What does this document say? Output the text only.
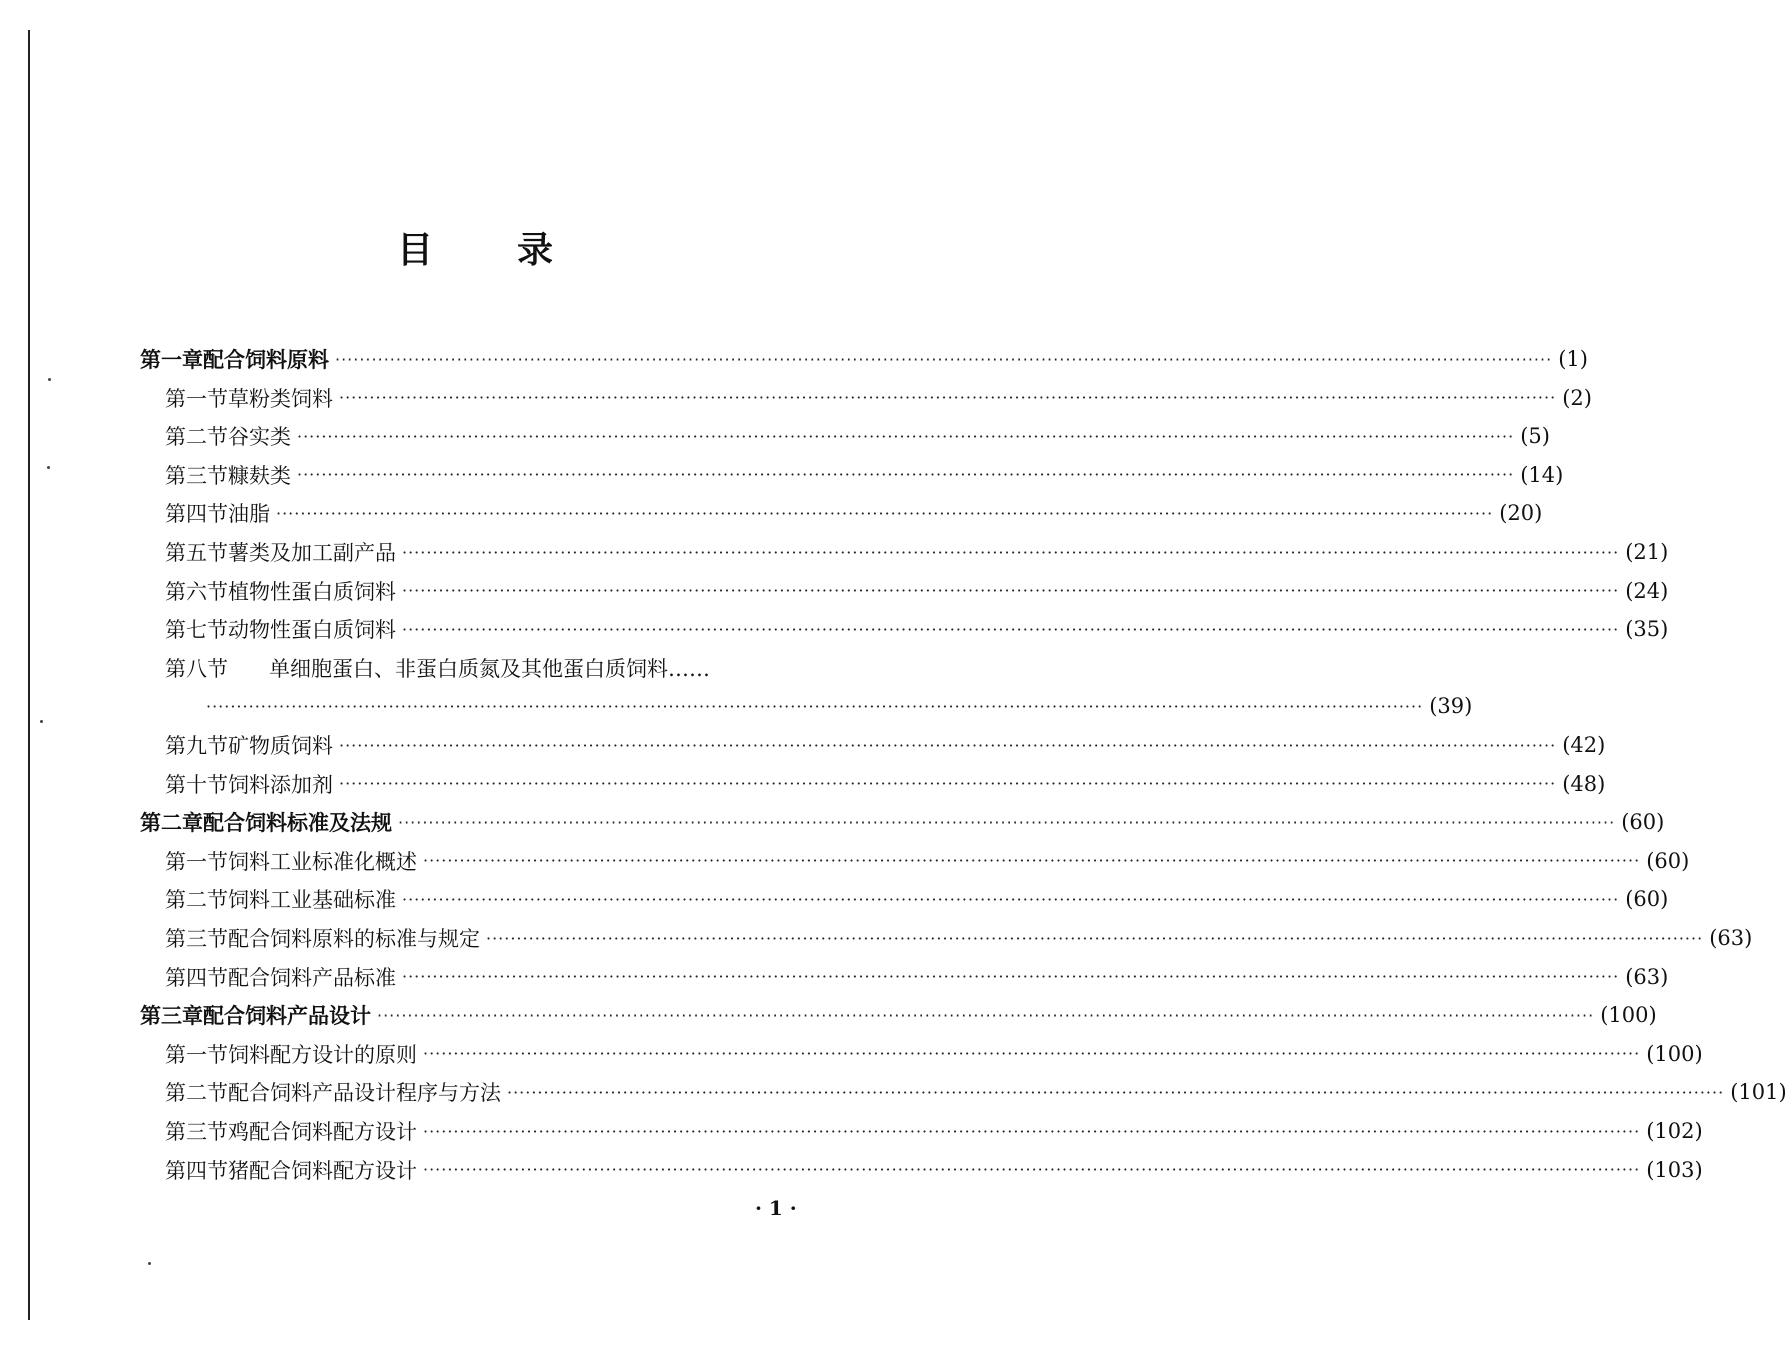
目 录
第一章 配合饲料原料 ········································································································································································································ (1)
第一节 草粉类饲料 ········································································································································································································ (2)
第二节 谷实类 ········································································································································································································ (5)
第三节 糠麸类 ········································································································································································································ (14)
第四节 油脂 ········································································································································································································ (20)
第五节 薯类及加工副产品 ········································································································································································································ (21)
第六节 植物性蛋白质饲料 ········································································································································································································ (24)
第七节 动物性蛋白质饲料 ········································································································································································································ (35)
第八节	单细胞蛋白、非蛋白质氮及其他蛋白质饲料……
········································································································································································································ (39)
第九节 矿物质饲料 ········································································································································································································ (42)
第十节 饲料添加剂 ········································································································································································································ (48)
第二章 配合饲料标准及法规 ········································································································································································································ (60)
第一节 饲料工业标准化概述 ········································································································································································································ (60)
第二节 饲料工业基础标准 ········································································································································································································ (60)
第三节 配合饲料原料的标准与规定 ········································································································································································································ (63)
第四节 配合饲料产品标准 ········································································································································································································ (63)
第三章 配合饲料产品设计 ········································································································································································································ (100)
第一节 饲料配方设计的原则 ········································································································································································································ (100)
第二节 配合饲料产品设计程序与方法 ········································································································································································································ (101)
第三节 鸡配合饲料配方设计 ········································································································································································································ (102)
第四节 猪配合饲料配方设计 ········································································································································································································ (103)
· 1 ·
